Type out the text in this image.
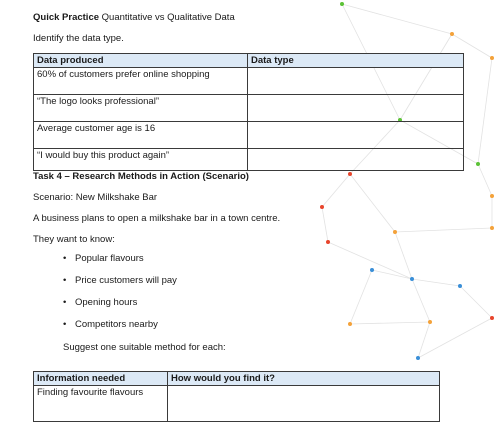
Quick Practice Quantitative vs Qualitative Data
Identify the data type.
Data produced	Data type
60% of customers prefer online shopping	
“The logo looks professional”	
Average customer age is 16	
“I would buy this product again”	
Task 4 – Research Methods in Action (Scenario)
Scenario: New Milkshake Bar
A business plans to open a milkshake bar in a town centre.
They want to know:
• Popular flavours
• Price customers will pay
• Opening hours
• Competitors nearby
Suggest one suitable method for each:
Information needed	How would you find it?
Finding favourite flavours	
